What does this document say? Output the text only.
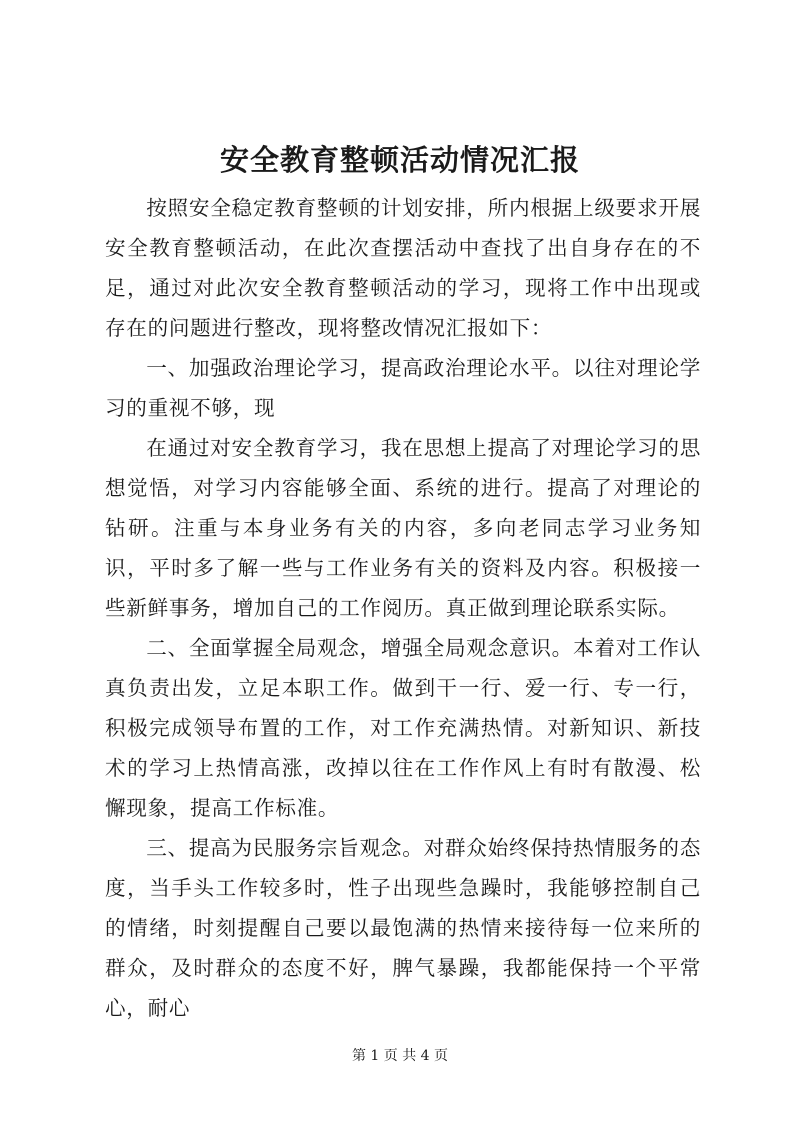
安全教育整顿活动情况汇报

按照安全稳定教育整顿的计划安排，所内根据上级要求开展安全教育整顿活动，在此次查摆活动中查找了出自身存在的不足，通过对此次安全教育整顿活动的学习，现将工作中出现或存在的问题进行整改，现将整改情况汇报如下：

一、加强政治理论学习，提高政治理论水平。以往对理论学习的重视不够，现

在通过对安全教育学习，我在思想上提高了对理论学习的思想觉悟，对学习内容能够全面、系统的进行。提高了对理论的钻研。注重与本身业务有关的内容，多向老同志学习业务知识，平时多了解一些与工作业务有关的资料及内容。积极接一些新鲜事务，增加自己的工作阅历。真正做到理论联系实际。

二、全面掌握全局观念，增强全局观念意识。本着对工作认真负责出发，立足本职工作。做到干一行、爱一行、专一行，积极完成领导布置的工作，对工作充满热情。对新知识、新技术的学习上热情高涨，改掉以往在工作作风上有时有散漫、松懈现象，提高工作标准。

三、提高为民服务宗旨观念。对群众始终保持热情服务的态度，当手头工作较多时，性子出现些急躁时，我能够控制自己的情绪，时刻提醒自己要以最饱满的热情来接待每一位来所的群众，及时群众的态度不好，脾气暴躁，我都能保持一个平常心，耐心

第 1 页 共 4 页
